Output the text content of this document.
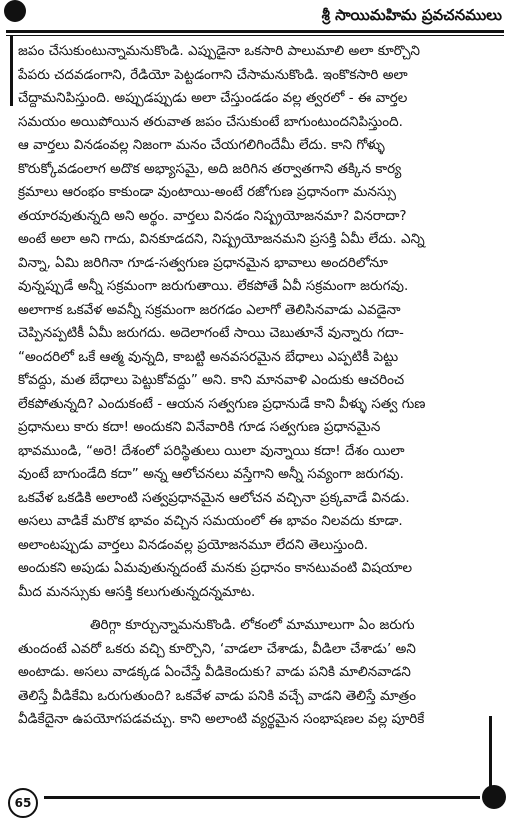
శ్రీ సాయిమహిమ ప్రవచనములు
జపం చేసుకుంటున్నామనుకొండి. ఎప్పుడైనా ఒకసారి పాలుమాలి అలా కూర్చొని
పేపరు చదవడంగాని, రేడియో పెట్టడంగాని చేసామనుకొండి. ఇంకొకసారి అలా
చేద్దామనిపిస్తుంది. అప్పుడప్పుడు అలా చేస్తుండడం వల్ల త్వరలో - ఈ వార్తల
సమయం అయిపోయిన తరువాత జపం చేసుకుంటే బాగుంటుందనిపిస్తుంది.
ఆ వార్తలు వినడంవల్ల నిజంగా మనం చేయగలిగిందేమీ లేదు. కాని గోళ్ళు
కొరుక్కోవడంలాగ అదొక అభ్యాసమై, అది జరిగిన తర్వాతగాని తక్కిన కార్య
క్రమాలు ఆరంభం కాకుండా వుంటాయి-అంటే రజోగుణ ప్రధానంగా మనస్సు
తయారవుతున్నది అని అర్థం. వార్తలు వినడం నిష్ప్రయోజనమా? వినరాదా?
అంటే అలా అని గాదు, వినకూడదని, నిష్ప్రయోజనమని ప్రసక్తి ఏమీ లేదు. ఎన్ని
విన్నా, ఏమి జరిగినా గూడ-సత్వగుణ ప్రధానమైన భావాలు అందరిలోనూ
వున్నప్పుడే అన్నీ సక్రమంగా జరుగుతాయి. లేకపోతే ఏవీ సక్రమంగా జరుగవు.
అలాగాక ఒకవేళ అవన్నీ సక్రమంగా జరగడం ఎలాగో తెలిసినవాడు ఎవడైనా
చెప్పినప్పటికీ ఏమీ జరుగదు. అదెలాగంటే సాయి చెబుతూనే వున్నారు గదా-
“అందరిలో ఒకే ఆత్మ వున్నది, కాబట్టి అనవసరమైన బేధాలు ఎప్పటికీ పెట్టు
కోవద్దు, మత బేధాలు పెట్టుకోవద్దు” అని. కాని మానవాళి ఎందుకు ఆచరించ
లేకపోతున్నది? ఎందుకంటే - ఆయన సత్వగుణ ప్రధానుడే కాని వీళ్ళు సత్వ గుణ
ప్రధానులు కారు కదా! అందుకని వినేవారికి గూడ సత్వగుణ ప్రధానమైన
భావముండి, “అరె! దేశంలో పరిస్థితులు యిలా వున్నాయి కదా! దేశం యిలా
వుంటే బాగుండేది కదా” అన్న ఆలోచనలు వస్తేగాని అన్నీ సవ్యంగా జరుగవు.
ఒకవేళ ఒకడికి అలాంటి సత్వప్రధానమైన ఆలోచన వచ్చినా ప్రక్కవాడే వినడు.
అసలు వాడికే మరొక భావం వచ్చిన సమయంలో ఈ భావం నిలవదు కూడా.
అలాంటప్పుడు వార్తలు వినడంవల్ల ప్రయోజనమూ లేదని తెలుస్తుంది.
అందుకని అపుడు ఏమవుతున్నదంటే మనకు ప్రధానం కానటువంటి విషయాల
మీద మనస్సుకు ఆసక్తి కలుగుతున్నదన్నమాట.
తిరిగ్గా కూర్చున్నామనుకొండి. లోకంలో మామూలుగా ఏం జరుగు
తుందంటే ఎవరో ఒకరు వచ్చి కూర్చొని, ‘వాడలా చేశాడు, వీడిలా చేశాడు’ అని
అంటాడు. అసలు వాడక్కడ ఏంచేస్తే వీడికెందుకు? వాడు పనికి మాలినవాడని
తెలిస్తే వీడికేమి ఒరుగుతుంది? ఒకవేళ వాడు పనికి వచ్చే వాడని తెలిస్తే మాత్రం
వీడికేదైనా ఉపయోగపడవచ్చు. కాని అలాంటి వ్యర్థమైన సంభాషణల వల్ల పూరికే
65
